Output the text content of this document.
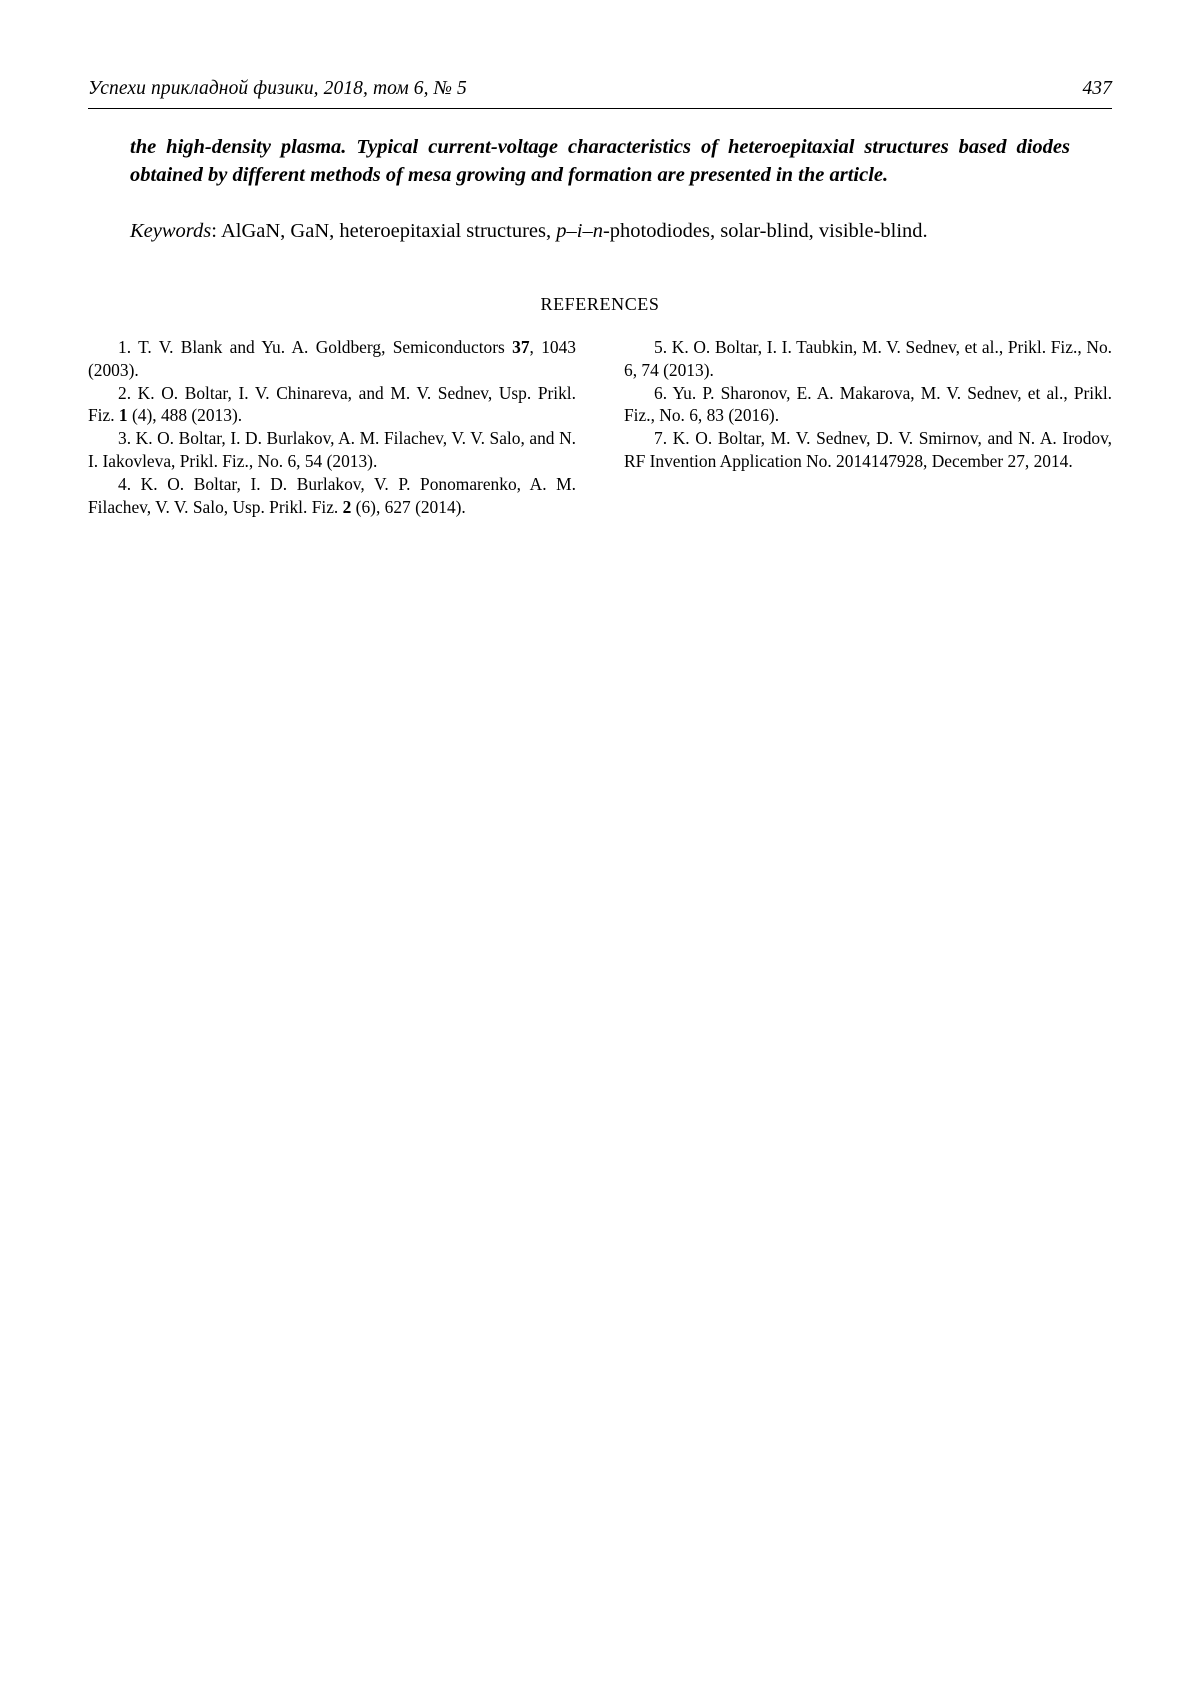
Успехи прикладной физики, 2018, том 6, № 5	437
the high-density plasma. Typical current-voltage characteristics of heteroepitaxial structures based diodes obtained by different methods of mesa growing and formation are presented in the article.
Keywords: AlGaN, GaN, heteroepitaxial structures, p–i–n-photodiodes, solar-blind, visible-blind.
REFERENCES
1. T. V. Blank and Yu. A. Goldberg, Semiconductors 37, 1043 (2003).
2. K. O. Boltar, I. V. Chinareva, and M. V. Sednev, Usp. Prikl. Fiz. 1 (4), 488 (2013).
3. K. O. Boltar, I. D. Burlakov, A. M. Filachev, V. V. Salo, and N. I. Iakovleva, Prikl. Fiz., No. 6, 54 (2013).
4. K. O. Boltar, I. D. Burlakov, V. P. Ponomarenko, A. M. Filachev, V. V. Salo, Usp. Prikl. Fiz. 2 (6), 627 (2014).
5. K. O. Boltar, I. I. Taubkin, M. V. Sednev, et al., Prikl. Fiz., No. 6, 74 (2013).
6. Yu. P. Sharonov, E. A. Makarova, M. V. Sednev, et al., Prikl. Fiz., No. 6, 83 (2016).
7. K. O. Boltar, M. V. Sednev, D. V. Smirnov, and N. A. Irodov, RF Invention Application No. 2014147928, December 27, 2014.
